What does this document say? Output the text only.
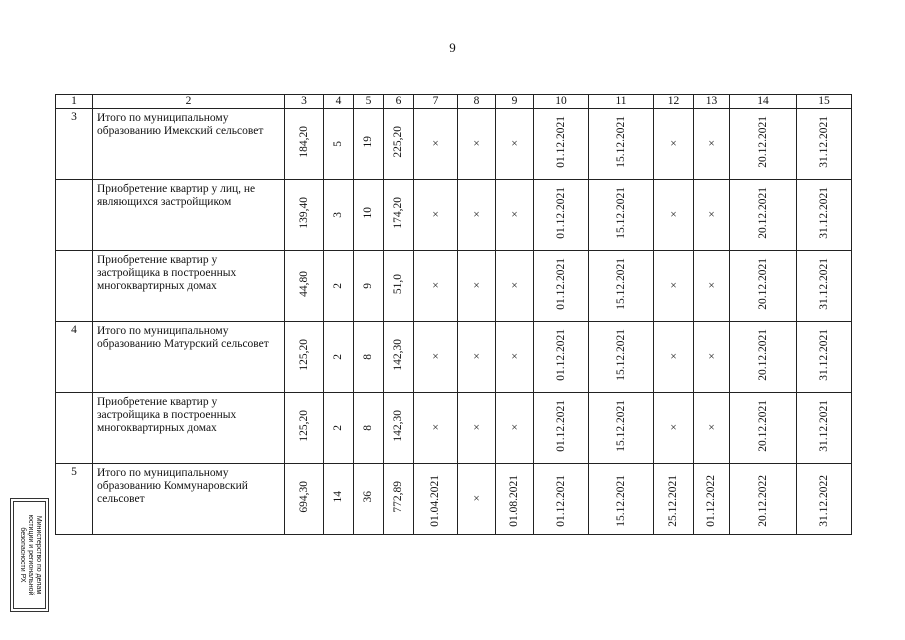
9
1	2	3	4	5	6	7	8	9	10	11	12	13	14	15
3	Итого по муниципальному образованию Имекский сельсовет	184,20	5	19	225,20	×	×	×	01.12.2021	15.12.2021	×	×	20.12.2021	31.12.2021
	Приобретение квартир у лиц, не являющихся застройщиком	139,40	3	10	174,20	×	×	×	01.12.2021	15.12.2021	×	×	20.12.2021	31.12.2021
	Приобретение квартир у застройщика в построенных многоквартирных домах	44,80	2	9	51,0	×	×	×	01.12.2021	15.12.2021	×	×	20.12.2021	31.12.2021
4	Итого по муниципальному образованию Матурский сельсовет	125,20	2	8	142,30	×	×	×	01.12.2021	15.12.2021	×	×	20.12.2021	31.12.2021
	Приобретение квартир у застройщика в построенных многоквартирных домах	125,20	2	8	142,30	×	×	×	01.12.2021	15.12.2021	×	×	20.12.2021	31.12.2021
5	Итого по муниципальному образованию Коммунаровский сельсовет	694,30	14	36	772,89	01.04.2021	×	01.08.2021	01.12.2021	15.12.2021	25.12.2021	01.12.2022	20.12.2022	31.12.2022
Министерство по делам
юстиции и региональной
безопасности РХ
